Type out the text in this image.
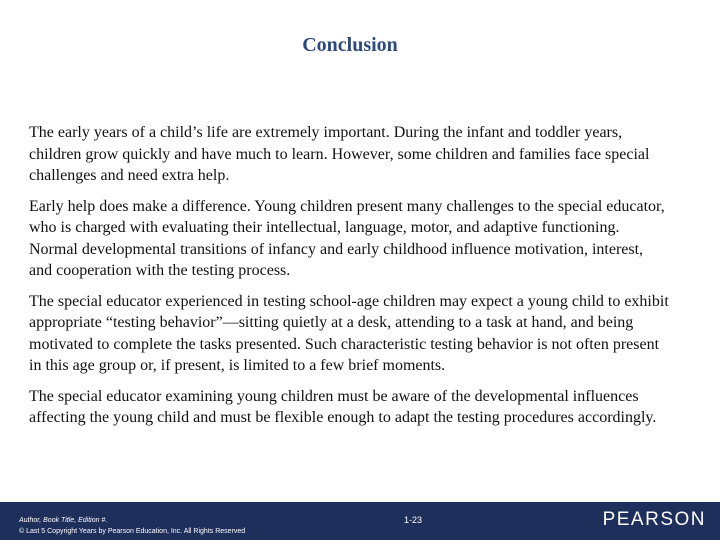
Conclusion

The early years of a child’s life are extremely important. During the infant and toddler years, children grow quickly and have much to learn. However, some children and families face special challenges and need extra help.

Early help does make a difference. Young children present many challenges to the special educator, who is charged with evaluating their intellectual, language, motor, and adaptive functioning. Normal developmental transitions of infancy and early childhood influence motivation, interest, and cooperation with the testing process.

The special educator experienced in testing school-age children may expect a young child to exhibit appropriate “testing behavior”—sitting quietly at a desk, attending to a task at hand, and being motivated to complete the tasks presented. Such characteristic testing behavior is not often present in this age group or, if present, is limited to a few brief moments.

The special educator examining young children must be aware of the developmental influences affecting the young child and must be flexible enough to adapt the testing procedures accordingly.

Author, Book Title, Edition #.
© Last 5 Copyright Years by Pearson Education, Inc. All Rights Reserved
1-23	PEARSON
